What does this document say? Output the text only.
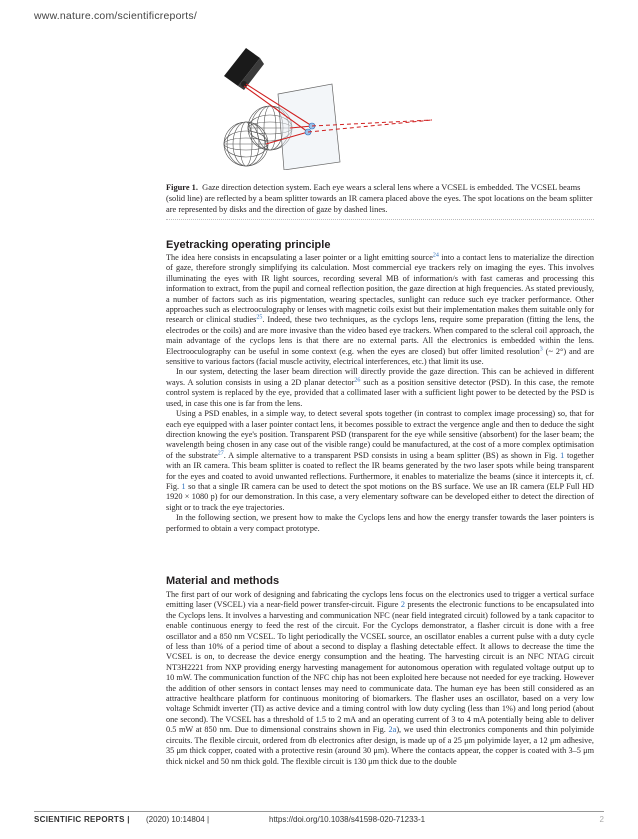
www.nature.com/scientificreports/
Figure 1. Gaze direction detection system. Each eye wears a scleral lens where a VCSEL is embedded. The VCSEL beams (solid line) are reflected by a beam splitter towards an IR camera placed above the eyes. The spot locations on the beam splitter are represented by disks and the direction of gaze by dashed lines.
Eyetracking operating principle

The idea here consists in encapsulating a laser pointer or a light emitting source$^{24}$ into a contact lens to materialize the direction of gaze, therefore strongly simplifying its calculation. Most commercial eye trackers rely on imaging the eyes. This involves illuminating the eyes with IR light sources, recording several MB of information/s with fast cameras and processing this information to extract, from the pupil and corneal reflection position, the gaze direction at high frequencies. As stated previously, a number of factors such as iris pigmentation, wearing spectacles, sunlight can reduce such eye tracker performance. Other approaches such as electrooculography or lenses with magnetic coils exist but their implementation makes them suitable only for research or clinical studies$^{25}$. Indeed, these two techniques, as the cyclops lens, require some preparation (fitting the lens, the electrodes or the coils) and are more invasive than the video based eye trackers. When compared to the scleral coil approach, the main advantage of the cyclops lens is that there are no external parts. All the electronics is embedded within the lens. Electrooculography can be useful in some context (e.g. when the eyes are closed) but offer limited resolution$^3$ (~ 2°) and are sensitive to various factors (facial muscle activity, electrical interferences, etc.) that limit its use.

In our system, detecting the laser beam direction will directly provide the gaze direction. This can be achieved in different ways. A solution consists in using a 2D planar detector$^{26}$ such as a position sensitive detector (PSD). In this case, the remote control system is replaced by the eye, provided that a collimated laser with a sufficient light power to be detected by the PSD is used, in case this one is far from the lens.

Using a PSD enables, in a simple way, to detect several spots together (in contrast to complex image processing) so, that for each eye equipped with a laser pointer contact lens, it becomes possible to extract the vergence angle and then to deduce the sight direction knowing the eye's position. Transparent PSD (transparent for the eye while sensitive (absorbent) for the laser beam; the wavelength being chosen in any case out of the visible range) could be manufactured, at the cost of a more complex optimisation of the substrate$^{27}$. A simple alternative to a transparent PSD consists in using a beam splitter (BS) as shown in Fig. 1 together with an IR camera. This beam splitter is coated to reflect the IR beams generated by the two laser spots while being transparent for the eyes and coated to avoid unwanted reflections. Furthermore, it enables to materialize the beams (since it intercepts it, cf. Fig. 1 so that a single IR camera can be used to detect the spot motions on the BS surface. We use an IR camera (ELP Full HD 1920 × 1080 p) for our demonstration. In this case, a very elementary software can be developed either to detect the direction of sight or to track the eye trajectories.

In the following section, we present how to make the Cyclops lens and how the energy transfer towards the laser pointers is performed to obtain a very compact prototype.

Material and methods

The first part of our work of designing and fabricating the cyclops lens focus on the electronics used to trigger a vertical surface emitting laser (VSCEL) via a near-field power transfer-circuit. Figure 2 presents the electronic functions to be encapsulated into the Cyclops lens. It involves a harvesting and communication NFC (near field integrated circuit) followed by a tank capacitor to enable continuous energy to feed the rest of the circuit. For the Cyclops demonstrator, a flasher circuit is done with a free oscillator and a 850 nm VCSEL. To light periodically the VCSEL source, an oscillator enables a current pulse with a duty cycle of less than 10% of a period time of about a second to display a flashing detectable effect. It allows to decrease the time the VCSEL is on, to decrease the device energy consumption and the heating. The harvesting circuit is an NFC NTAG circuit NT3H2221 from NXP providing energy harvesting management for autonomous operation with regulated voltage output up to 10 mW. The communication function of the NFC chip has not been exploited here because not needed for eye tracking. However the addition of other sensors in contact lenses may need to communicate data. The human eye has been still considered as an attractive healthcare platform for continuous monitoring of biomarkers. The flasher uses an oscillator, based on a very low voltage Schmidt inverter (TI) as active device and a timing control with low duty cycling (less than 1%) and long period (about one second). The VCSEL has a threshold of 1.5 to 2 mA and an operating current of 3 to 4 mA potentially being able to deliver 0.5 mW at 850 nm. Due to dimensional constrains shown in Fig. 2a), we used thin electronics components and thin polyimide circuits. The flexible circuit, ordered from db electronics after design, is made up of a 25 μm polyimide layer, a 12 μm adhesive, 35 μm thick copper, coated with a protective resin (around 30 μm). Where the contacts appear, the copper is coated with 3–5 μm thick nickel and 50 nm thick gold. The flexible circuit is 130 μm thick due to the double

SCIENTIFIC REPORTS | (2020) 10:14804 |	https://doi.org/10.1038/s41598-020-71233-1	2
